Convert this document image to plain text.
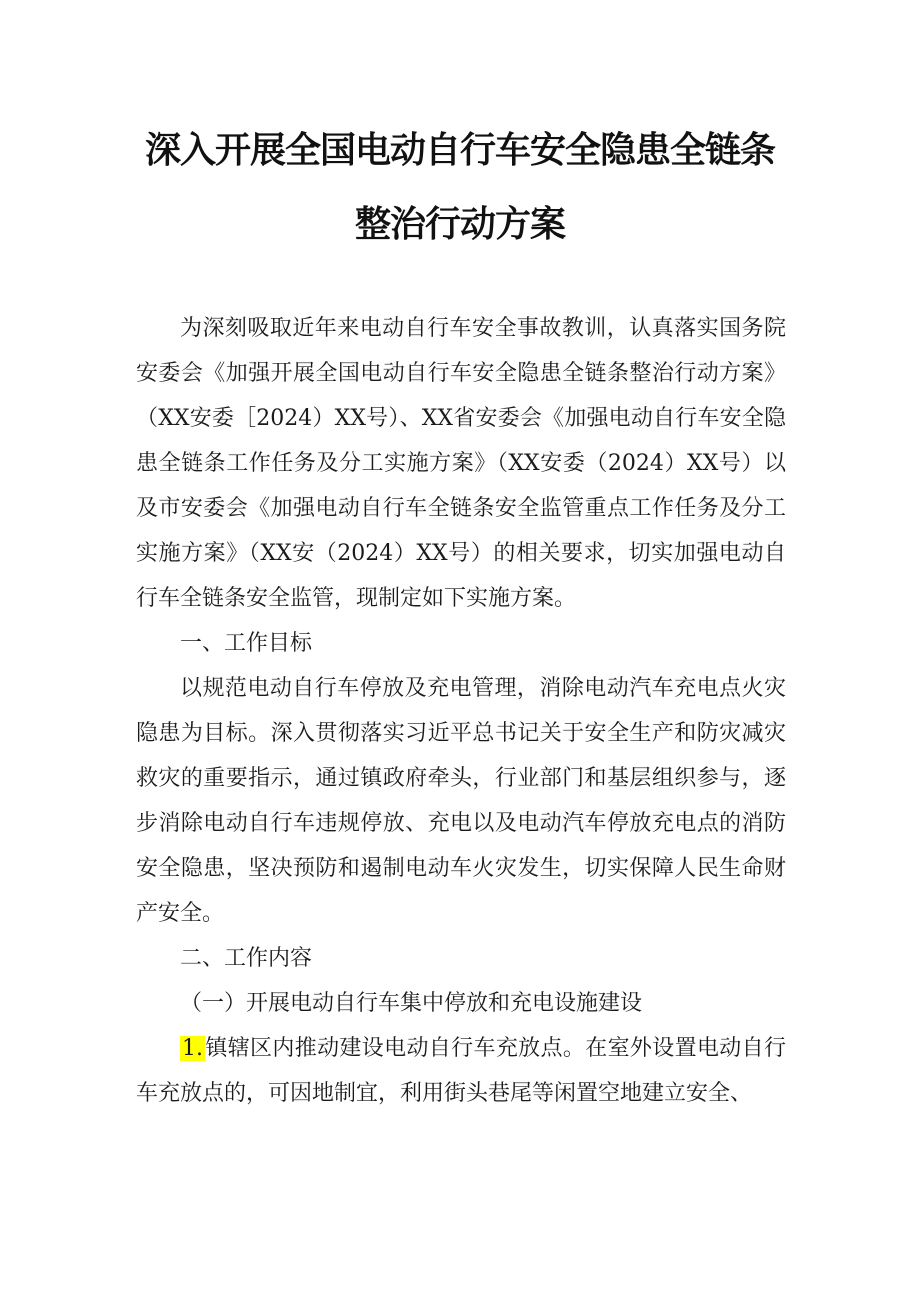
深入开展全国电动自行车安全隐患全链条
整治行动方案

为深刻吸取近年来电动自行车安全事故教训，认真落实国务院安委会《加强开展全国电动自行车安全隐患全链条整治行动方案》（XX安委［2024）XX号）、XX省安委会《加强电动自行车安全隐患全链条工作任务及分工实施方案》（XX安委（2024）XX号）以及市安委会《加强电动自行车全链条安全监管重点工作任务及分工实施方案》（XX安（2024）XX号）的相关要求，切实加强电动自行车全链条安全监管，现制定如下实施方案。

一、工作目标

以规范电动自行车停放及充电管理，消除电动汽车充电点火灾隐患为目标。深入贯彻落实习近平总书记关于安全生产和防灾减灾救灾的重要指示，通过镇政府牵头，行业部门和基层组织参与，逐步消除电动自行车违规停放、充电以及电动汽车停放充电点的消防安全隐患，坚决预防和遏制电动车火灾发生，切实保障人民生命财产安全。

二、工作内容

（一）开展电动自行车集中停放和充电设施建设

1.镇辖区内推动建设电动自行车充放点。在室外设置电动自行车充放点的，可因地制宜，利用街头巷尾等闲置空地建立安全、
